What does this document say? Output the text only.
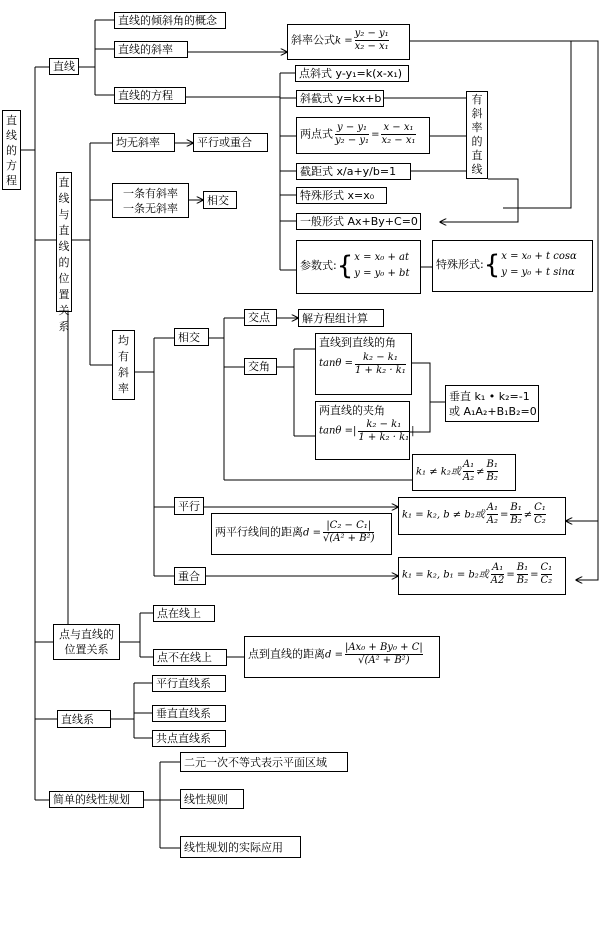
直线的方程
直线
直线的倾斜角的概念
直线的斜率
直线的方程
斜率公式$k = \frac{\text{y₂ − y₁}}{\text{x₂ − x₁}}$
点斜式 y-y₁=k(x-x₁)
斜截式 y=kx+b
两点式 $\frac{\text{y − y₁}}{\text{y₂ − y₁}} = \frac{\text{x − x₁}}{\text{x₂ − x₁}}$
截距式 x/a+y/b=1
特殊形式 x=x₀
一般形式 Ax+By+C=0
有斜率的直线
参数式:{ x = x₀ + at
y = y₀ + bt
特殊形式:{ x = x₀ + t cosα
y = y₀ + t sinα
直线与直线的位置关系
均无斜率	平行或重合
一条有斜率
一条无斜率
相交
均有斜率
相交
交点	解方程组计算
交角
直线到直线的角
$\tan\theta = \frac{\text{k₂ − k₁}}{\text{1 + k₂ · k₁}}$
两直线的夹角
tanθ =| $\frac{\text{k₂ − k₁}}{\text{1 + k₂ · k₁}}$ |
垂直 k₁ • k₂=-1
或 A₁A₂+B₁B₂=0
k₁ ≠ k₂或 $\frac{\text{A₁}}{\text{A₂}} \ne \frac{\text{B₁}}{\text{B₂}}$
平行
两平行线间的距离$d = \frac{\text{|C₂ − C₁|}}{\text{√(A² + B²)}}$
k₁ = k₂, b ≠ b₂或 $\frac{\text{A₁}}{\text{A₂}} = \frac{\text{B₁}}{\text{B₂}} \ne \frac{\text{C₁}}{\text{C₂}}$
重合	k₁ = k₂, b₁ = b₂或 $\frac{\text{A₁}}{A2} = \frac{\text{B₁}}{\text{B₂}} = \frac{\text{C₁}}{\text{C₂}}$
点与直线的
位置关系
点在线上
点不在线上	点到直线的距离$d = \frac{\text{|Ax₀ + By₀ + C|}}{\text{√(A² + B²)}}$
直线系
平行直线系
垂直直线系
共点直线系
简单的线性规划
二元一次不等式表示平面区域
线性规则
线性规划的实际应用
